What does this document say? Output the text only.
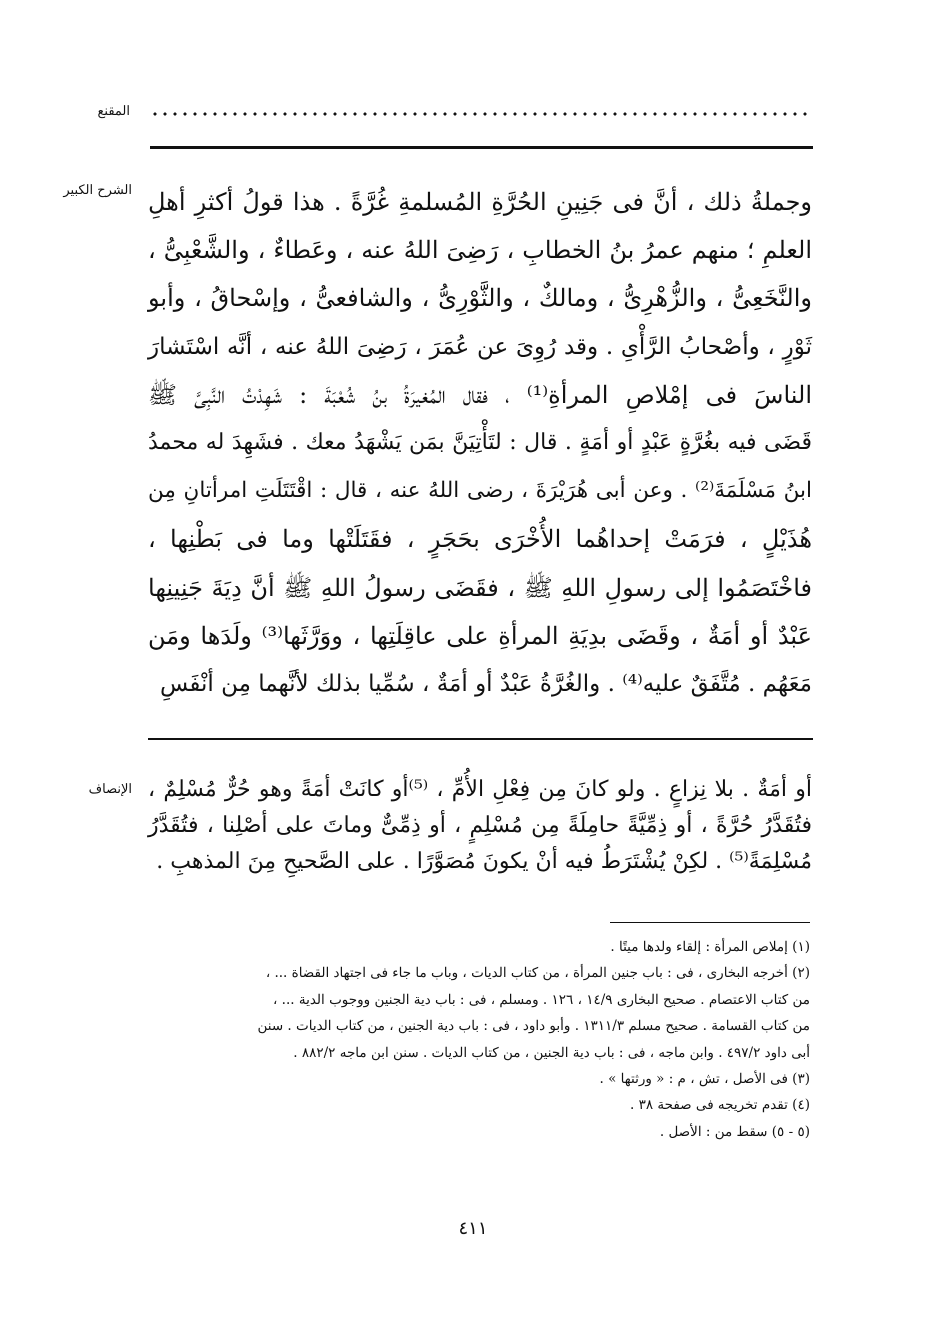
المقنع
الشرح الكبير وجملةُ ذلك ، أنَّ فى جَنِينِ الحُرَّةِ المُسلمةِ غُرَّةً . هذا قولُ أكثرِ أهلِ

العلمِ ؛ منهم عمرُ بنُ الخطابِ ، رَضِىَ اللهُ عنه ، وعَطاءٌ ، والشَّعْبِىُّ ،

والنَّخَعِىُّ ، والزُّهْرِىُّ ، ومالكٌ ، والثَّوْرِىُّ ، والشافعىُّ ، وإسْحاقُ ، وأبو

ثَوْرٍ ، وأصْحابُ الرَّأْىِ . وقد رُوِىَ عن عُمَرَ ، رَضِىَ اللهُ عنه ، أنَّه اسْتَشارَ

الناسَ فى إمْلاصِ المرأةِ⁽¹⁾ ، فقال المُغيرَةُ بنُ شُعْبَةَ : شَهِدْتُ النَّبِىَّ ﷺ

قَضَى فيه بغُرَّةٍ عَبْدٍ أو أمَةٍ . قال : لتَأْتِيَنَّ بمَن يَشْهَدُ معك . فشَهِدَ له محمدُ

ابنُ مَسْلَمَةَ⁽²⁾ . وعن أبى هُرَيْرَةَ ، رضى اللهُ عنه ، قال : اقْتَتَلَتِ امرأتانِ مِن

هُذَيْلٍ ، فرَمَتْ إحداهُما الأُخْرَى بحَجَرٍ ، فقَتَلَتْها وما فى بَطْنِها ،

فاخْتَصَمُوا إلى رسولِ اللهِ ﷺ ، فقَضَى رسولُ اللهِ ﷺ أنَّ دِيَةَ جَنِينِها

عَبْدٌ أو أمَةٌ ، وقَضَى بدِيَةِ المرأةِ على عاقِلَتِها ، ووَرَّثَها⁽³⁾ ولَدَها ومَن

مَعَهُم . مُتَّفَقٌ عليه⁽⁴⁾ . والغُرَّةُ عَبْدٌ أو أمَةٌ ، سُمِّيا بذلك لأنَّهما مِن أنْفَسِ

الإنصاف أو أمَةٌ . بلا نِزاعٍ . ولو كانَ مِن فِعْلِ الأُمِّ ، ⁽⁵⁾أو كانَتْ أمَةً وهو حُرٌّ مُسْلِمٌ ،

فتُقَدَّرُ حُرَّةً ، أو ذِمِّيَّةً حامِلَةً مِن مُسْلِمٍ ، أو ذِمِّىٌّ وماتَ على أصْلِنا ، فتُقَدَّرُ

مُسْلِمَةً⁽⁵⁾ . لكِنْ يُشْتَرَطُ فيه أنْ يكونَ مُصَوَّرًا . على الصَّحيحِ مِنَ المذهبِ .

(١) إملاص المرأة : إلقاء ولدها ميتًا .

(٢) أخرجه البخارى ، فى : باب جنين المرأة ، من كتاب الديات ، وباب ما جاء فى اجتهاد القضاة ... ،

من كتاب الاعتصام . صحيح البخارى ١٤/٩ ، ١٢٦ . ومسلم ، فى : باب دية الجنين ووجوب الدية ... ،

من كتاب القسامة . صحيح مسلم ١٣١١/٣ . وأبو داود ، فى : باب دية الجنين ، من كتاب الديات . سنن

أبى داود ٤٩٧/٢ . وابن ماجه ، فى : باب دية الجنين ، من كتاب الديات . سنن ابن ماجه ٨٨٢/٢ .

(٣) فى الأصل ، تش ، م : « ورثتها » .

(٤) تقدم تخريجه فى صفحة ٣٨ .

(٥ - ٥) سقط من : الأصل .

٤١١
